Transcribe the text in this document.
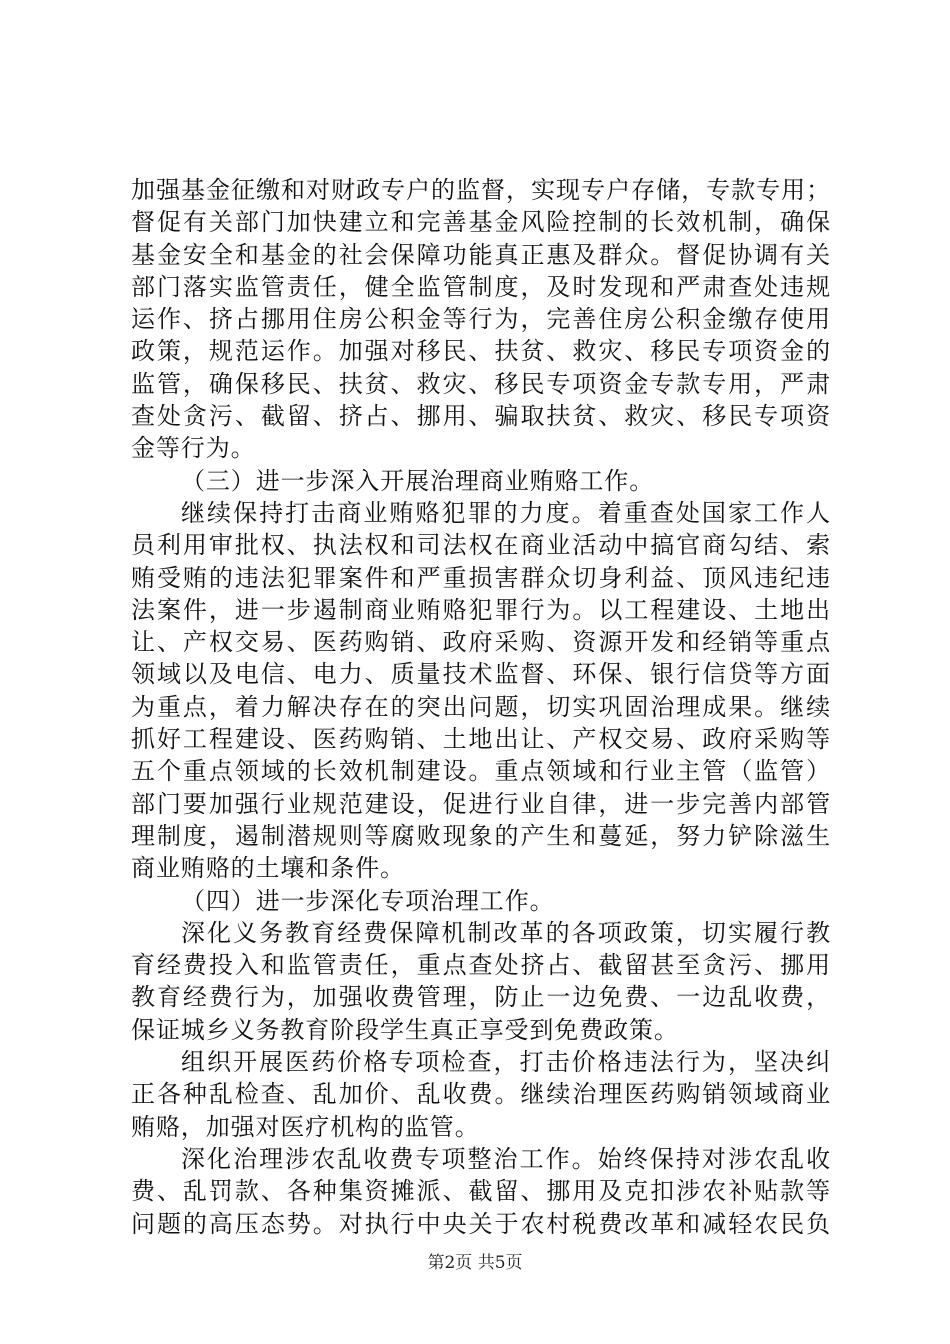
加强基金征缴和对财政专户的监督，实现专户存储，专款专用；
督促有关部门加快建立和完善基金风险控制的长效机制，确保
基金安全和基金的社会保障功能真正惠及群众。督促协调有关
部门落实监管责任，健全监管制度，及时发现和严肃查处违规
运作、挤占挪用住房公积金等行为，完善住房公积金缴存使用
政策，规范运作。加强对移民、扶贫、救灾、移民专项资金的
监管，确保移民、扶贫、救灾、移民专项资金专款专用，严肃
查处贪污、截留、挤占、挪用、骗取扶贫、救灾、移民专项资
金等行为。
（三）进一步深入开展治理商业贿赂工作。
继续保持打击商业贿赂犯罪的力度。着重查处国家工作人
员利用审批权、执法权和司法权在商业活动中搞官商勾结、索
贿受贿的违法犯罪案件和严重损害群众切身利益、顶风违纪违
法案件，进一步遏制商业贿赂犯罪行为。以工程建设、土地出
让、产权交易、医药购销、政府采购、资源开发和经销等重点
领域以及电信、电力、质量技术监督、环保、银行信贷等方面
为重点，着力解决存在的突出问题，切实巩固治理成果。继续
抓好工程建设、医药购销、土地出让、产权交易、政府采购等
五个重点领域的长效机制建设。重点领域和行业主管（监管）
部门要加强行业规范建设，促进行业自律，进一步完善内部管
理制度，遏制潜规则等腐败现象的产生和蔓延，努力铲除滋生
商业贿赂的土壤和条件。
（四）进一步深化专项治理工作。
深化义务教育经费保障机制改革的各项政策，切实履行教
育经费投入和监管责任，重点查处挤占、截留甚至贪污、挪用
教育经费行为，加强收费管理，防止一边免费、一边乱收费，
保证城乡义务教育阶段学生真正享受到免费政策。
组织开展医药价格专项检查，打击价格违法行为，坚决纠
正各种乱检查、乱加价、乱收费。继续治理医药购销领域商业
贿赂，加强对医疗机构的监管。
深化治理涉农乱收费专项整治工作。始终保持对涉农乱收
费、乱罚款、各种集资摊派、截留、挪用及克扣涉农补贴款等
问题的高压态势。对执行中央关于农村税费改革和减轻农民负
第2页 共5页
